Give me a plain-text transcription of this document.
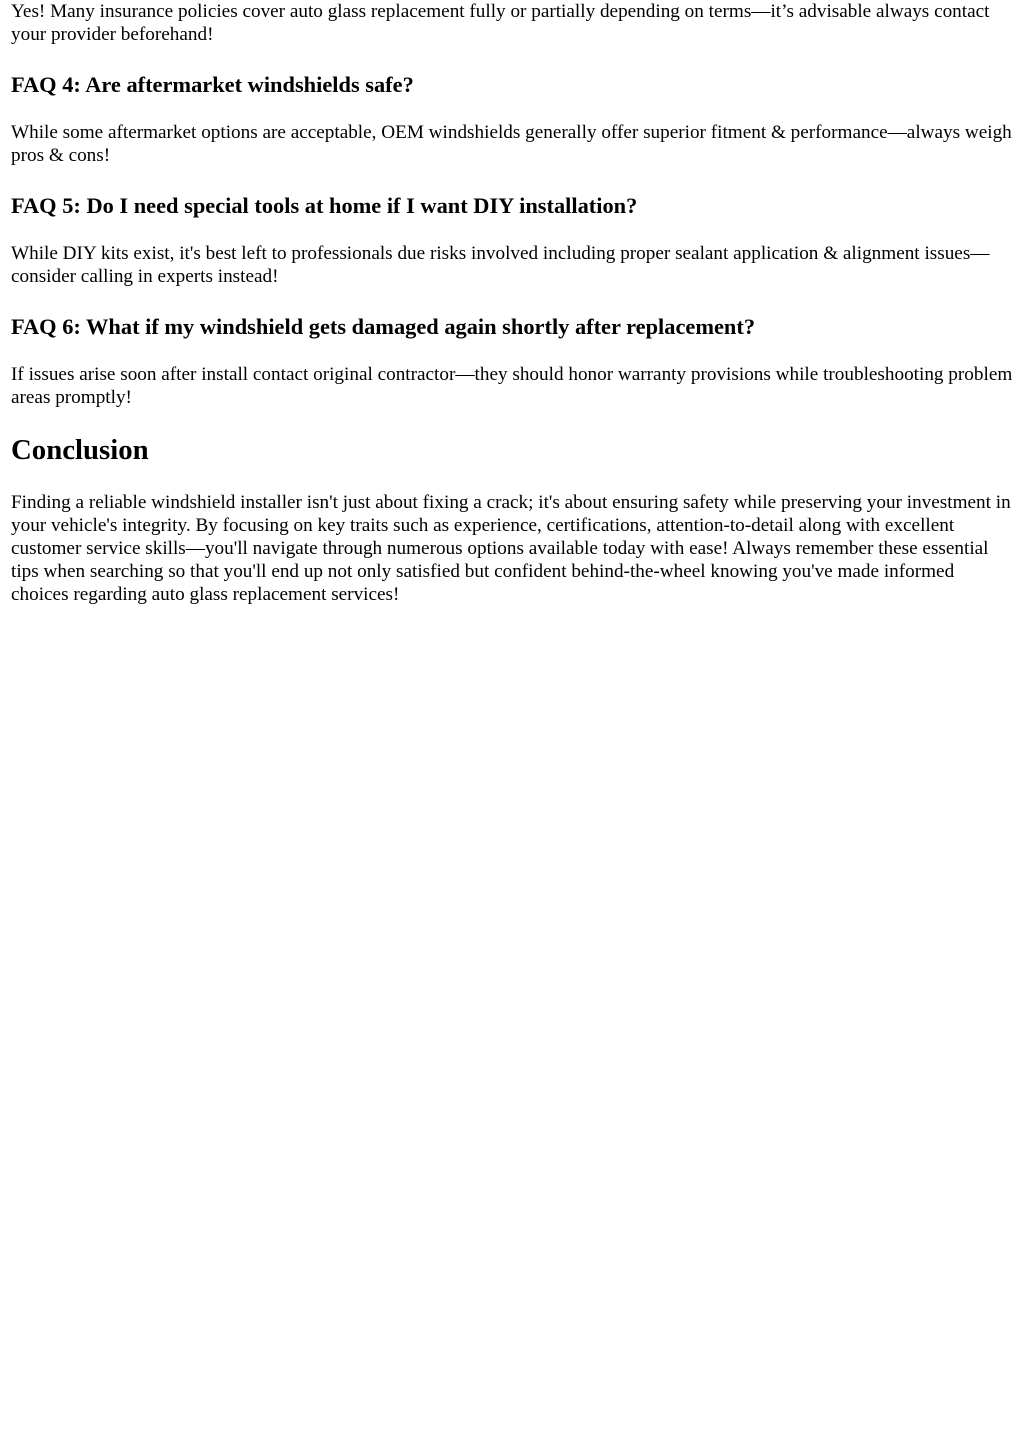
Yes! Many insurance policies cover auto glass replacement fully or partially depending on terms—it’s advisable always contact your provider beforehand!

FAQ 4: Are aftermarket windshields safe?

While some aftermarket options are acceptable, OEM windshields generally offer superior fitment & performance—always weigh pros & cons!

FAQ 5: Do I need special tools at home if I want DIY installation?

While DIY kits exist, it's best left to professionals due risks involved including proper sealant application & alignment issues—consider calling in experts instead!

FAQ 6: What if my windshield gets damaged again shortly after replacement?

If issues arise soon after install contact original contractor—they should honor warranty provisions while troubleshooting problem areas promptly!

Conclusion

Finding a reliable windshield installer isn't just about fixing a crack; it's about ensuring safety while preserving your investment in your vehicle's integrity. By focusing on key traits such as experience, certifications, attention-to-detail along with excellent customer service skills—you'll navigate through numerous options available today with ease! Always remember these essential tips when searching so that you'll end up not only satisfied but confident behind-the-wheel knowing you've made informed choices regarding auto glass replacement services!
